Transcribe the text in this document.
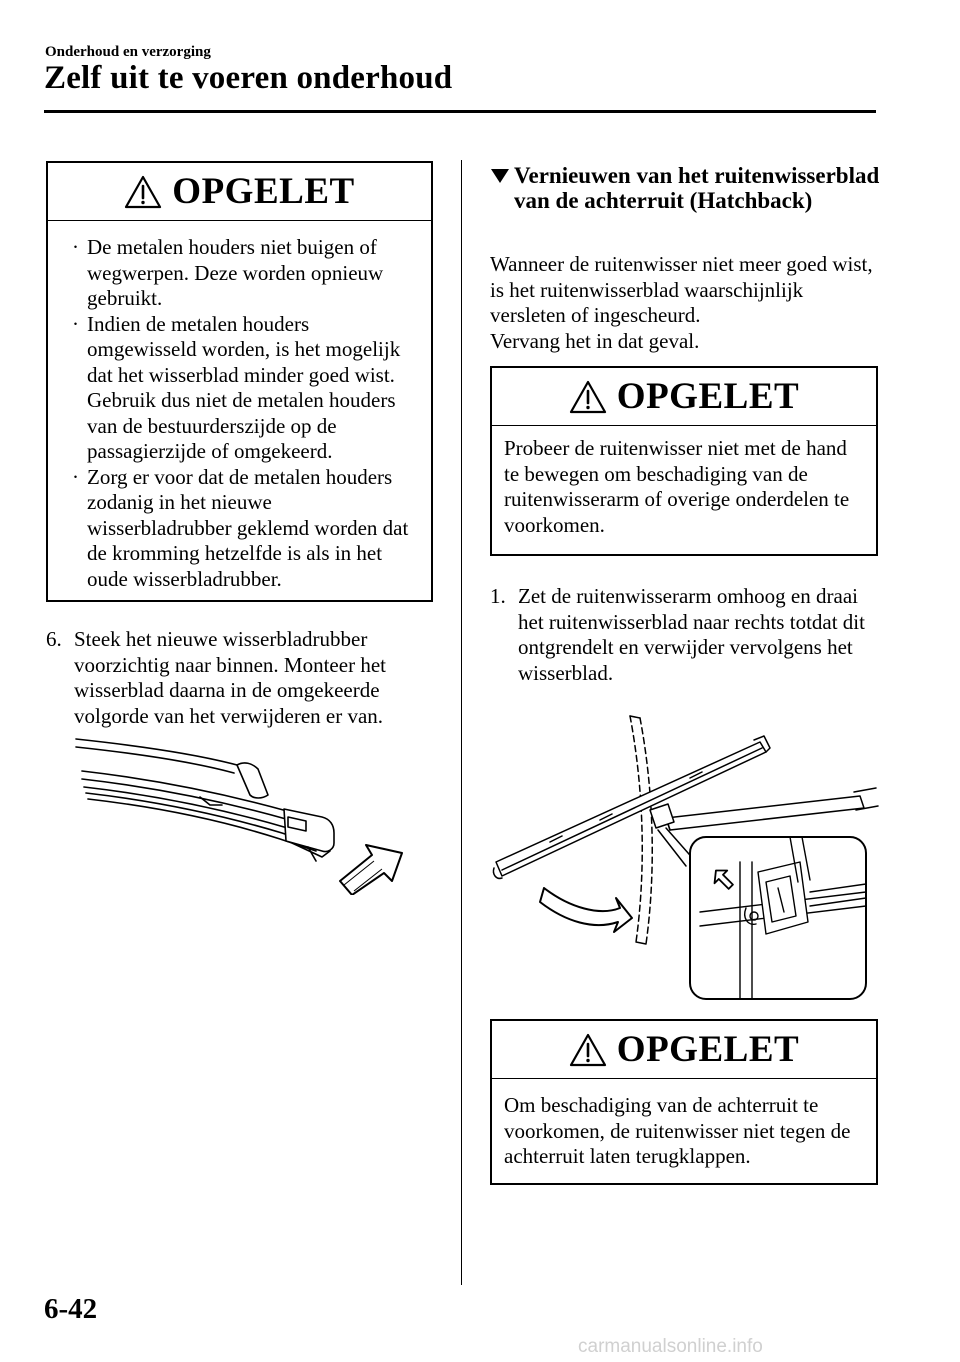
Onderhoud en verzorging
Zelf uit te voeren onderhoud
OPGELET
· De metalen houders niet buigen of wegwerpen. Deze worden opnieuw gebruikt.
· Indien de metalen houders omgewisseld worden, is het mogelijk dat het wisserblad minder goed wist. Gebruik dus niet de metalen houders van de bestuurderszijde op de passagierzijde of omgekeerd.
· Zorg er voor dat de metalen houders zodanig in het nieuwe wisserbladrubber geklemd worden dat de kromming hetzelfde is als in het oude wisserbladrubber.
6. Steek het nieuwe wisserbladrubber voorzichtig naar binnen. Monteer het wisserblad daarna in de omgekeerde volgorde van het verwijderen er van.
Vernieuwen van het ruitenwisserblad van de achterruit (Hatchback)
Wanneer de ruitenwisser niet meer goed wist, is het ruitenwisserblad waarschijnlijk versleten of ingescheurd.
Vervang het in dat geval.
OPGELET
Probeer de ruitenwisser niet met de hand te bewegen om beschadiging van de ruitenwisserarm of overige onderdelen te voorkomen.
1. Zet de ruitenwisserarm omhoog en draai het ruitenwisserblad naar rechts totdat dit ontgrendelt en verwijder vervolgens het wisserblad.
OPGELET
Om beschadiging van de achterruit te voorkomen, de ruitenwisser niet tegen de achterruit laten terugklappen.
6-42
carmanualsonline.info
